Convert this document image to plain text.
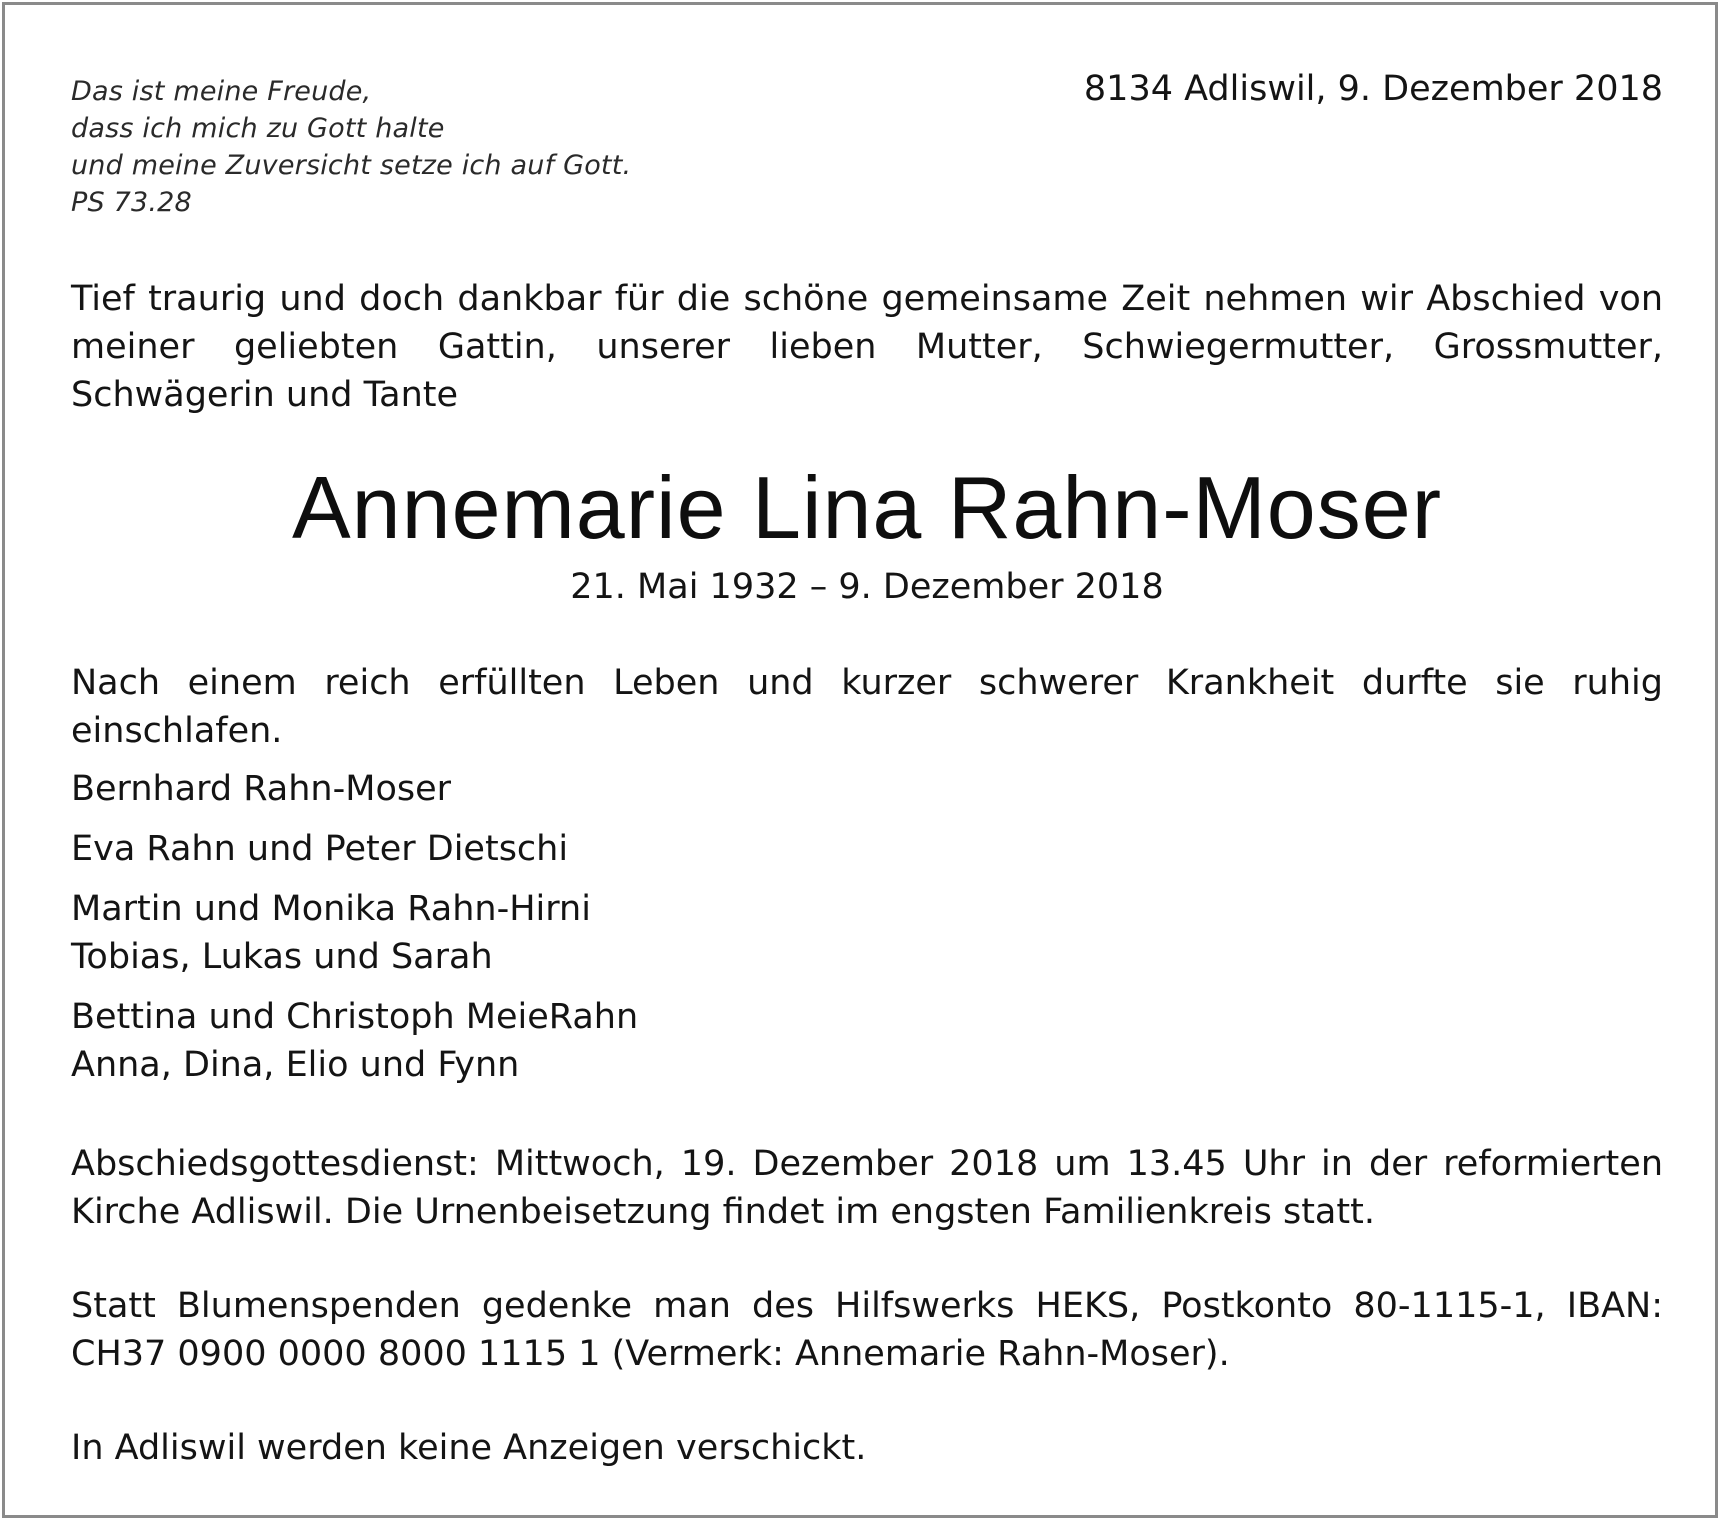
Das ist meine Freude,
dass ich mich zu Gott halte
und meine Zuversicht setze ich auf Gott.
PS 73.28
8134 Adliswil, 9. Dezember 2018
Tief traurig und doch dankbar für die schöne gemeinsame Zeit nehmen wir Abschied von meiner geliebten Gattin, unserer lieben Mutter, Schwiegermutter, Grossmutter, Schwägerin und Tante
Annemarie Lina Rahn-Moser
21. Mai 1932 – 9. Dezember 2018
Nach einem reich erfüllten Leben und kurzer schwerer Krankheit durfte sie ruhig einschlafen.
Bernhard Rahn-Moser
Eva Rahn und Peter Dietschi
Martin und Monika Rahn-Hirni
Tobias, Lukas und Sarah
Bettina und Christoph MeieRahn
Anna, Dina, Elio und Fynn
Abschiedsgottesdienst: Mittwoch, 19. Dezember 2018 um 13.45 Uhr in der reformierten Kirche Adliswil. Die Urnenbeisetzung findet im engsten Familienkreis statt.
Statt Blumenspenden gedenke man des Hilfswerks HEKS, Postkonto 80-1115-1, IBAN: CH37 0900 0000 8000 1115 1 (Vermerk: Annemarie Rahn-Moser).
In Adliswil werden keine Anzeigen verschickt.
